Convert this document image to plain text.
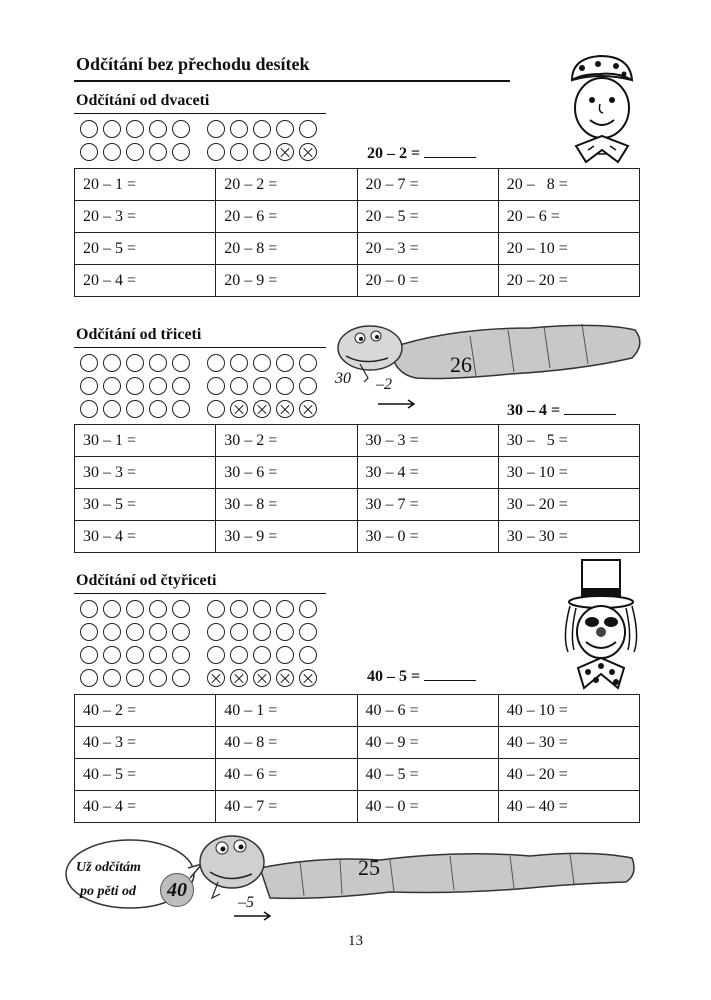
Odčítání bez přechodu desítek
Odčítání od dvaceti
20 – 2 =
20 – 1 =	20 – 2 =	20 – 7 =	20 –   8 =
20 – 3 =	20 – 6 =	20 – 5 =	20 – 6 =
20 – 5 =	20 – 8 =	20 – 3 =	20 – 10 =
20 – 4 =	20 – 9 =	20 – 0 =	20 – 20 =
Odčítání od třiceti
26
30 –2
30 – 4 =
30 – 1 =	30 – 2 =	30 – 3 =	30 –   5 =
30 – 3 =	30 – 6 =	30 – 4 =	30 – 10 =
30 – 5 =	30 – 8 =	30 – 7 =	30 – 20 =
30 – 4 =	30 – 9 =	30 – 0 =	30 – 30 =
Odčítání od čtyřiceti
40 – 5 =
40 – 2 =	40 – 1 =	40 – 6 =	40 – 10 =
40 – 3 =	40 – 8 =	40 – 9 =	40 – 30 =
40 – 5 =	40 – 6 =	40 – 5 =	40 – 20 =
40 – 4 =	40 – 7 =	40 – 0 =	40 – 40 =
Už odčítám
po pěti od	40
25
–5
13
